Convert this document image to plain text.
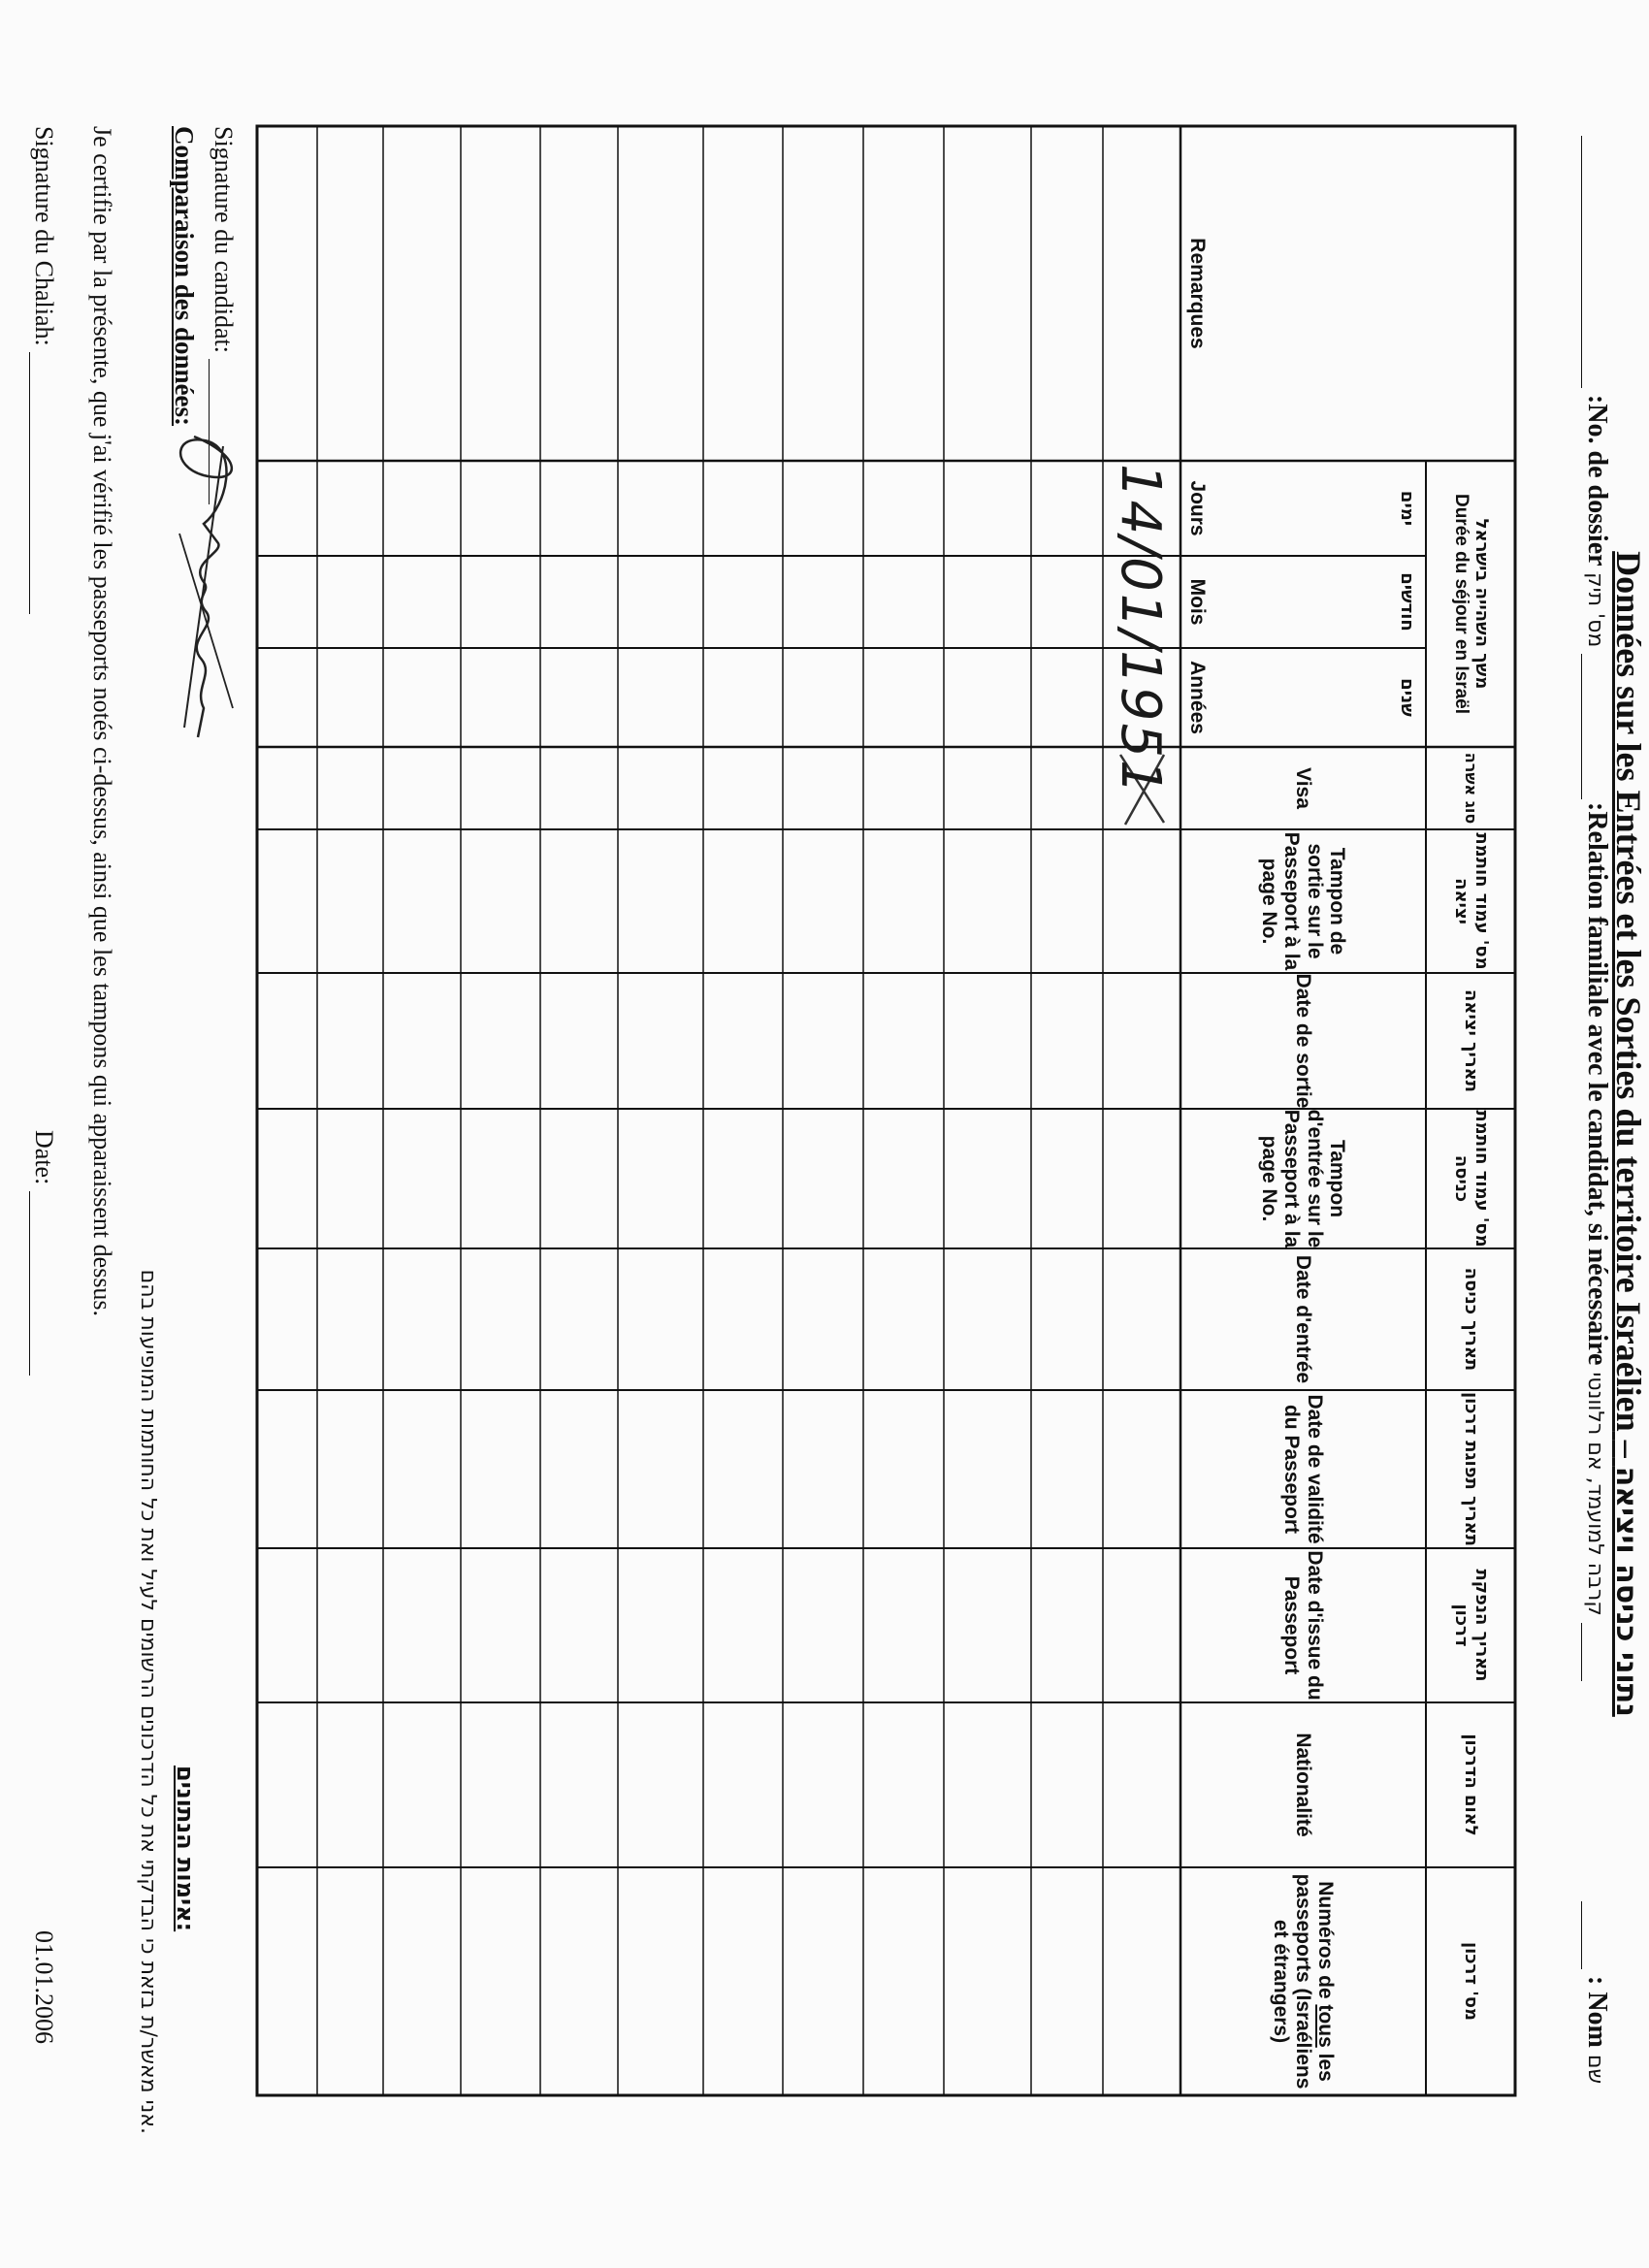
Données sur les Entrées et les Sorties du territoire Israélien – נתוני כניסה ויציאה
:No. de dossier מס' תיק
:Relation familiale avec le candidat, si nécessaire קרבה למועמד, אם רלוונטי
: Nom שם
מס' דרכון
לאום הדרכון
תאריך הנפקת דרכון
תאריך תפוגת דרכון
תאריך כניסה
מס' עמוד חותמת כניסה
תאריך יציאה
מס' עמוד חותמת יציאה
סוג אשרה
משך השהייה בישראל
Durée du séjour en Israël
שנים
חודשים
ימים
Numéros de tous les passeports (Israéliens et étrangers)
Nationalité
Date d'issue du Passeport
Date de validité du Passeport
Date d'entrée
Tampon d'entrée sur le Passeport à la page No.
Date de sortie
Tampon de sortie sur le Passeport à la page No.
Visa
Années
Mois
Jours
Remarques
14/01/1951
Signature du candidat:
Comparaison des données:
אימות הנתונים:
אני מאשר/ת בזאת כי הבדקתי את כל הדרכונים הרשומים לעיל ואת כל החותמות המופיעות בהם.
Je certifie par la présente, que j'ai vérifié les passeports notés ci-dessus, ainsi que les tampons qui apparaissent dessus.
Signature du Chaliah:
Date:
01.01.2006
